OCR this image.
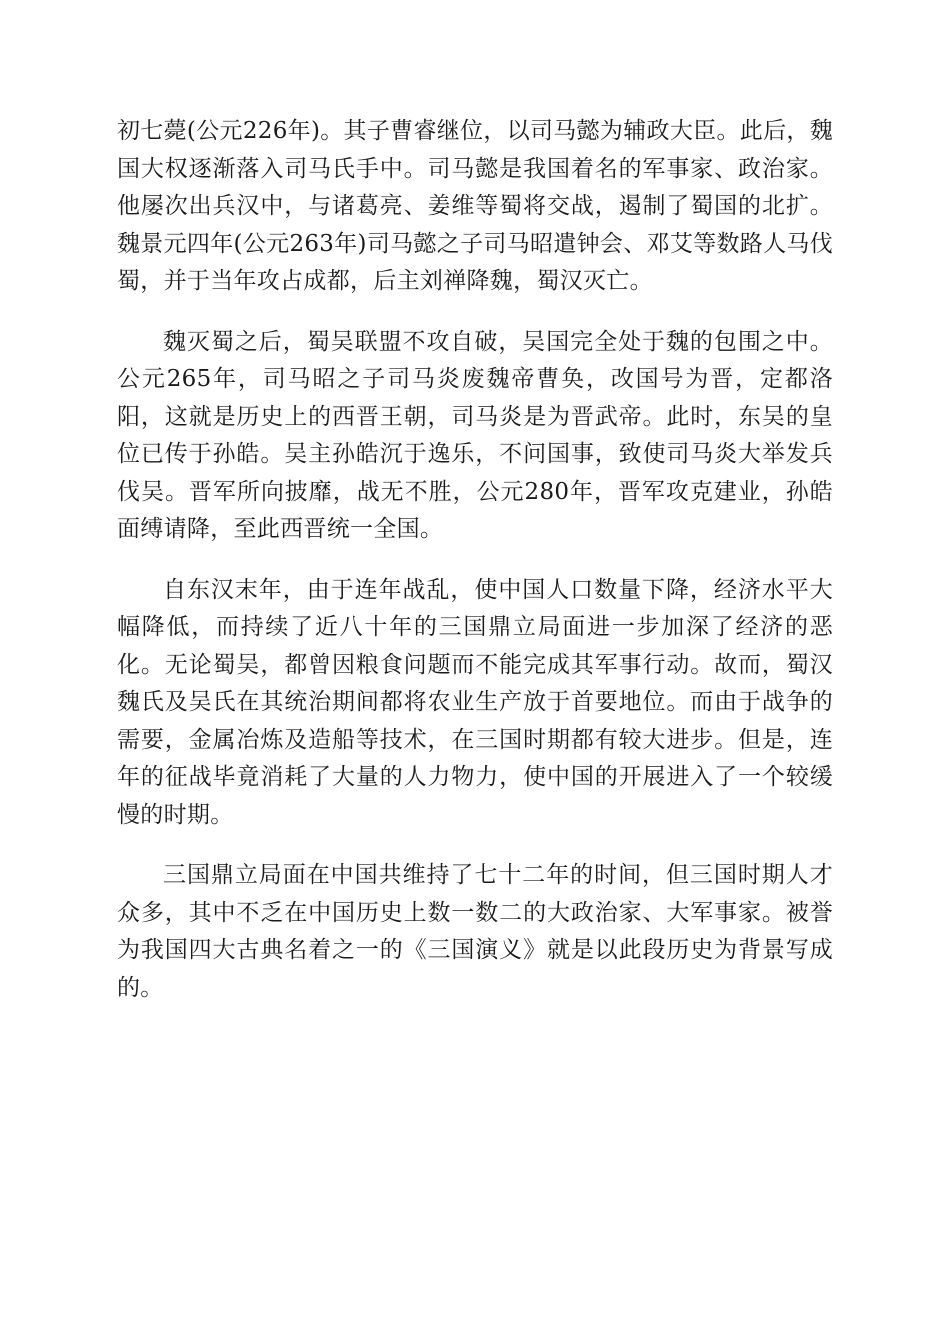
初七薨(公元226年)。其子曹睿继位，以司马懿为辅政大臣。此后，魏国大权逐渐落入司马氏手中。司马懿是我国着名的军事家、政治家。他屡次出兵汉中，与诸葛亮、姜维等蜀将交战，遏制了蜀国的北扩。魏景元四年(公元263年)司马懿之子司马昭遣钟会、邓艾等数路人马伐蜀，并于当年攻占成都，后主刘禅降魏，蜀汉灭亡。

魏灭蜀之后，蜀吴联盟不攻自破，吴国完全处于魏的包围之中。公元265年，司马昭之子司马炎废魏帝曹奂，改国号为晋，定都洛阳，这就是历史上的西晋王朝，司马炎是为晋武帝。此时，东吴的皇位已传于孙皓。吴主孙皓沉于逸乐，不问国事，致使司马炎大举发兵伐吴。晋军所向披靡，战无不胜，公元280年，晋军攻克建业，孙皓面缚请降，至此西晋统一全国。

自东汉末年，由于连年战乱，使中国人口数量下降，经济水平大幅降低，而持续了近八十年的三国鼎立局面进一步加深了经济的恶化。无论蜀吴，都曾因粮食问题而不能完成其军事行动。故而，蜀汉魏氏及吴氏在其统治期间都将农业生产放于首要地位。而由于战争的需要，金属冶炼及造船等技术，在三国时期都有较大进步。但是，连年的征战毕竟消耗了大量的人力物力，使中国的开展进入了一个较缓慢的时期。

三国鼎立局面在中国共维持了七十二年的时间，但三国时期人才众多，其中不乏在中国历史上数一数二的大政治家、大军事家。被誉为我国四大古典名着之一的《三国演义》就是以此段历史为背景写成的。
